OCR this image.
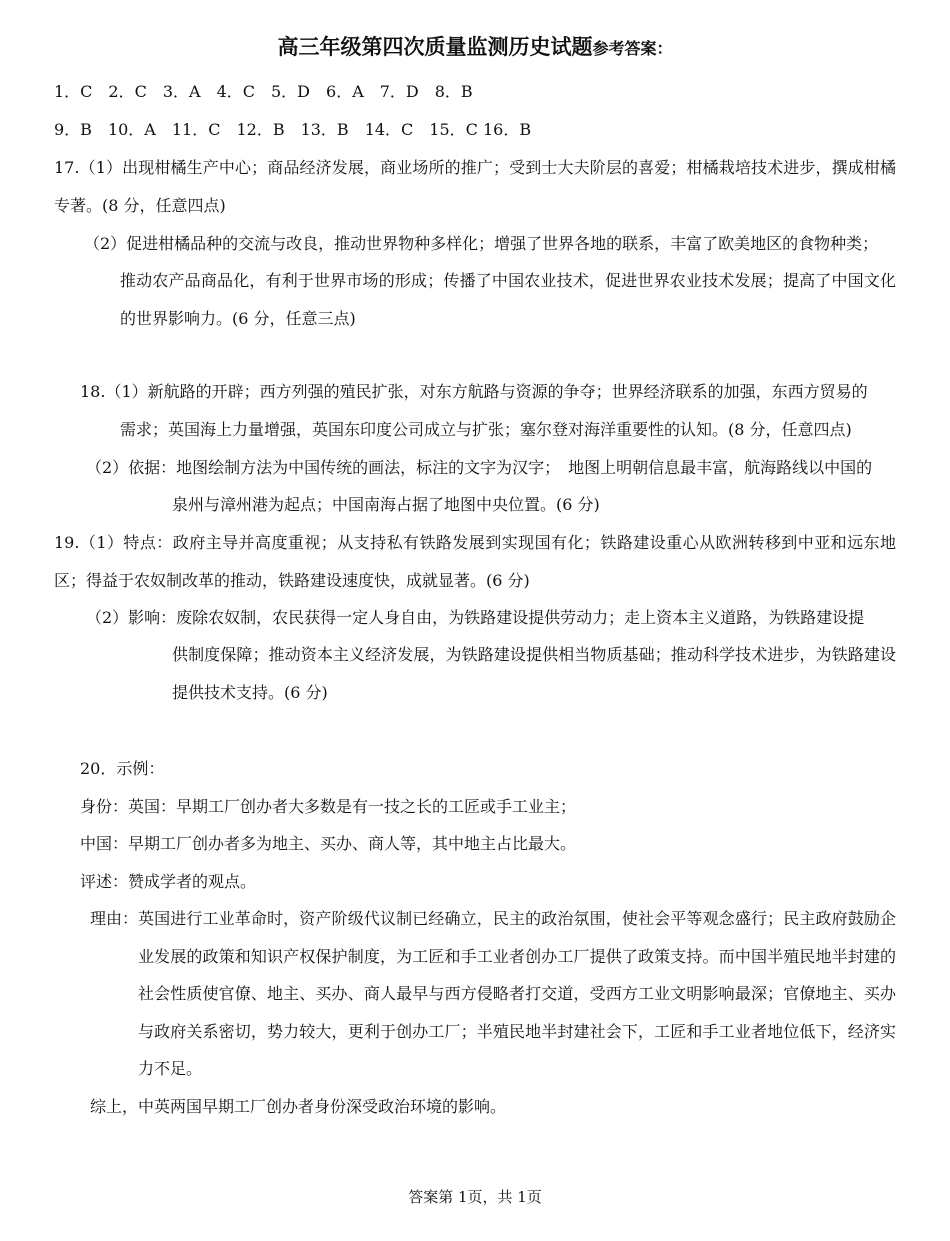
高三年级第四次质量监测历史试题参考答案：
1．C　2．C　3．A　4．C　5．D　6．A　7．D　8．B
9．B　10．A　11．C　12．B　13．B　14．C　15．C 16．B
17.（1）出现柑橘生产中心；商品经济发展，商业场所的推广；受到士大夫阶层的喜爱；柑橘栽培技术进步，撰成柑橘专著。(8 分，任意四点)
（2）促进柑橘品种的交流与改良，推动世界物种多样化；增强了世界各地的联系，丰富了欧美地区的食物种类；
推动农产品商品化，有利于世界市场的形成；传播了中国农业技术，促进世界农业技术发展；提高了中国文化的世界影响力。(6 分，任意三点)
18.（1）新航路的开辟；西方列强的殖民扩张，对东方航路与资源的争夺；世界经济联系的加强，东西方贸易的
需求；英国海上力量增强，英国东印度公司成立与扩张；塞尔登对海洋重要性的认知。(8 分，任意四点)
（2）依据：地图绘制方法为中国传统的画法，标注的文字为汉字；　地图上明朝信息最丰富，航海路线以中国的
泉州与漳州港为起点；中国南海占据了地图中央位置。(6 分)
19.（1）特点：政府主导并高度重视；从支持私有铁路发展到实现国有化；铁路建设重心从欧洲转移到中亚和远东地区；得益于农奴制改革的推动，铁路建设速度快，成就显著。(6 分)
（2）影响：废除农奴制，农民获得一定人身自由，为铁路建设提供劳动力；走上资本主义道路，为铁路建设提
供制度保障；推动资本主义经济发展，为铁路建设提供相当物质基础；推动科学技术进步，为铁路建设提供技术支持。(6 分)
20．示例：
身份：英国：早期工厂创办者大多数是有一技之长的工匠或手工业主；
中国：早期工厂创办者多为地主、买办、商人等，其中地主占比最大。
评述：赞成学者的观点。
理由： 英国进行工业革命时，资产阶级代议制已经确立，民主的政治氛围，使社会平等观念盛行；民主政府鼓励企业发展的政策和知识产权保护制度，为工匠和手工业者创办工厂提供了政策支持。而中国半殖民地半封建的社会性质使官僚、地主、买办、商人最早与西方侵略者打交道，受西方工业文明影响最深；官僚地主、买办与政府关系密切，势力较大，更利于创办工厂；半殖民地半封建社会下，工匠和手工业者地位低下，经济实力不足。
综上，中英两国早期工厂创办者身份深受政治环境的影响。
答案第 1页，共 1页
